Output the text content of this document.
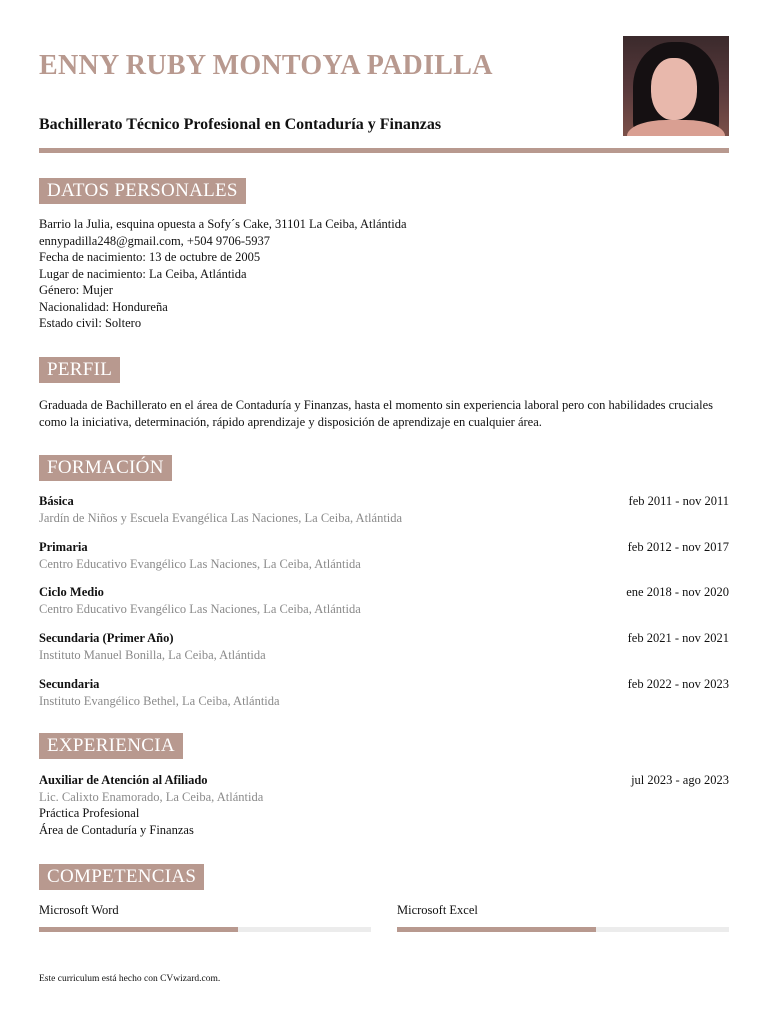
ENNY RUBY MONTOYA PADILLA
Bachillerato Técnico Profesional en Contaduría y Finanzas
DATOS PERSONALES
Barrio la Julia, esquina opuesta a Sofy´s Cake, 31101 La Ceiba, Atlántida
ennypadilla248@gmail.com, +504 9706-5937
Fecha de nacimiento: 13 de octubre de 2005
Lugar de nacimiento: La Ceiba, Atlántida
Género: Mujer
Nacionalidad: Hondureña
Estado civil: Soltero
PERFIL

Graduada de Bachillerato en el área de Contaduría y Finanzas, hasta el momento sin experiencia laboral pero con habilidades cruciales como la iniciativa, determinación, rápido aprendizaje y disposición de aprendizaje en cualquier área.

FORMACIÓN
Básica	feb 2011 - nov 2011
Jardín de Niños y Escuela Evangélica Las Naciones, La Ceiba, Atlántida
Primaria	feb 2012 - nov 2017
Centro Educativo Evangélico Las Naciones, La Ceiba, Atlántida
Ciclo Medio	ene 2018 - nov 2020
Centro Educativo Evangélico Las Naciones, La Ceiba, Atlántida
Secundaria (Primer Año)	feb 2021 - nov 2021
Instituto Manuel Bonilla, La Ceiba, Atlántida
Secundaria	feb 2022 - nov 2023
Instituto Evangélico Bethel, La Ceiba, Atlántida
EXPERIENCIA
Auxiliar de Atención al Afiliado	jul 2023 - ago 2023
Lic. Calixto Enamorado, La Ceiba, Atlántida
Práctica Profesional
Área de Contaduría y Finanzas
COMPETENCIAS
Microsoft Word	Microsoft Excel
Este curriculum está hecho con CVwizard.com.
